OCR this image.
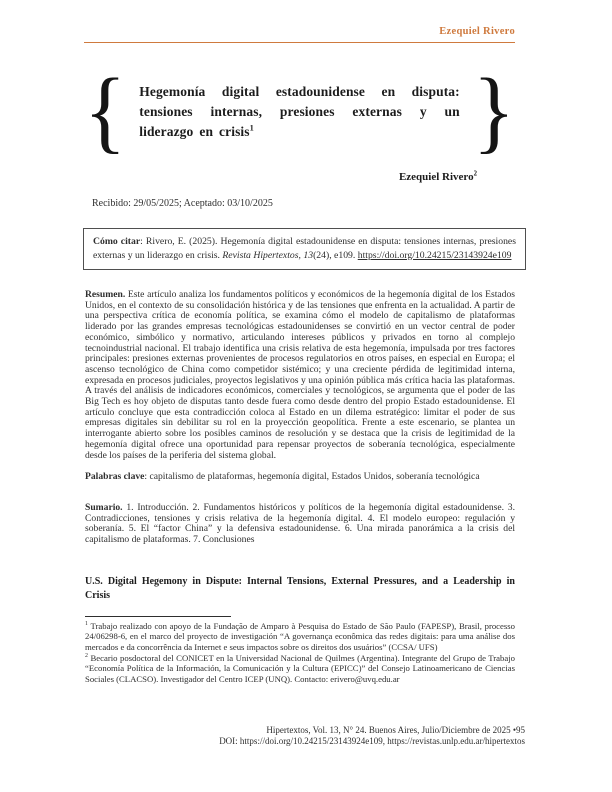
Ezequiel Rivero
{ Hegemonía digital estadounidense en disputa: tensiones internas, presiones externas y un liderazgo en crisis$^1$	}
Ezequiel Rivero$^2$
Recibido: 29/05/2025; Aceptado: 03/10/2025
Cómo citar: Rivero, E. (2025). Hegemonía digital estadounidense en disputa: tensiones internas, presiones externas y un liderazgo en crisis. Revista Hipertextos, 13(24), e109. https://doi.org/10.24215/23143924e109

Resumen. Este artículo analiza los fundamentos políticos y económicos de la hegemonía digital de los Estados Unidos, en el contexto de su consolidación histórica y de las tensiones que enfrenta en la actualidad. A partir de una perspectiva crítica de economía política, se examina cómo el modelo de capitalismo de plataformas liderado por las grandes empresas tecnológicas estadounidenses se convirtió en un vector central de poder económico, simbólico y normativo, articulando intereses públicos y privados en torno al complejo tecnoindustrial nacional. El trabajo identifica una crisis relativa de esta hegemonía, impulsada por tres factores principales: presiones externas provenientes de procesos regulatorios en otros países, en especial en Europa; el ascenso tecnológico de China como competidor sistémico; y una creciente pérdida de legitimidad interna, expresada en procesos judiciales, proyectos legislativos y una opinión pública más crítica hacia las plataformas. A través del análisis de indicadores económicos, comerciales y tecnológicos, se argumenta que el poder de las Big Tech es hoy objeto de disputas tanto desde fuera como desde dentro del propio Estado estadounidense. El artículo concluye que esta contradicción coloca al Estado en un dilema estratégico: limitar el poder de sus empresas digitales sin debilitar su rol en la proyección geopolítica. Frente a este escenario, se plantea un interrogante abierto sobre los posibles caminos de resolución y se destaca que la crisis de legitimidad de la hegemonía digital ofrece una oportunidad para repensar proyectos de soberanía tecnológica, especialmente desde los países de la periferia del sistema global.

Palabras clave: capitalismo de plataformas, hegemonía digital, Estados Unidos, soberanía tecnológica

Sumario. 1. Introducción. 2. Fundamentos históricos y políticos de la hegemonía digital estadounidense. 3. Contradicciones, tensiones y crisis relativa de la hegemonía digital. 4. El modelo europeo: regulación y soberanía. 5. El “factor China” y la defensiva estadounidense. 6. Una mirada panorámica a la crisis del capitalismo de plataformas. 7. Conclusiones

U.S. Digital Hegemony in Dispute: Internal Tensions, External Pressures, and a Leadership in Crisis

$^1$ Trabajo realizado con apoyo de la Fundação de Amparo à Pesquisa do Estado de São Paulo (FAPESP), Brasil, processo 24/06298-6, en el marco del proyecto de investigación “A governança econômica das redes digitais: para uma análise dos mercados e da concorrência da Internet e seus impactos sobre os direitos dos usuários” (CCSA/ UFS)

$^2$ Becario posdoctoral del CONICET en la Universidad Nacional de Quilmes (Argentina). Integrante del Grupo de Trabajo “Economía Política de la Información, la Comunicación y la Cultura (EPICC)” del Consejo Latinoamericano de Ciencias Sociales (CLACSO). Investigador del Centro ICEP (UNQ). Contacto: erivero@uvq.edu.ar

Hipertextos, Vol. 13, N° 24. Buenos Aires, Julio/Diciembre de 2025 •95
DOI: https://doi.org/10.24215/23143924e109, https://revistas.unlp.edu.ar/hipertextos
